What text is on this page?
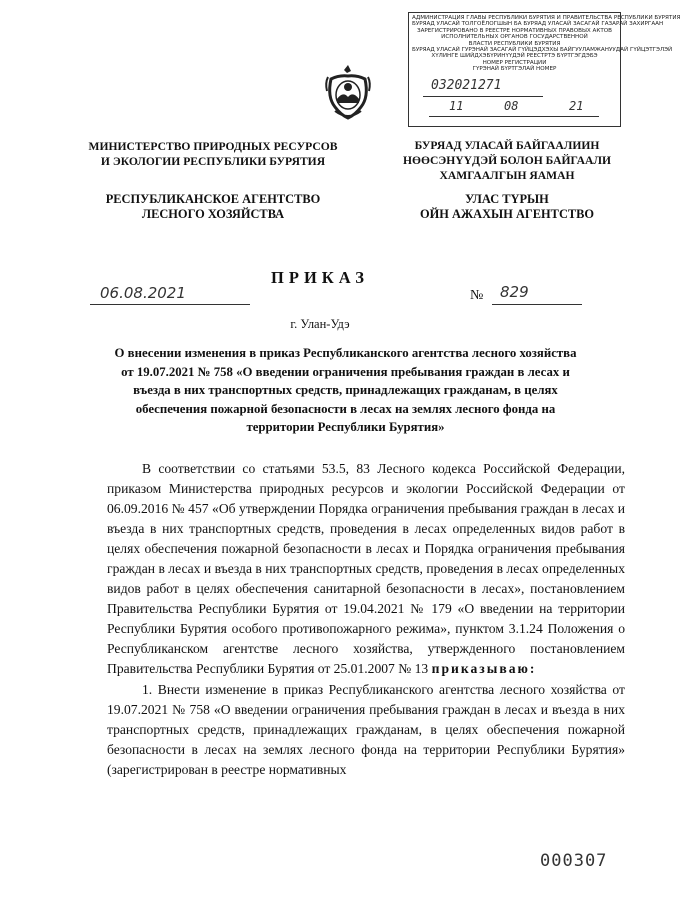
АДМИНИСТРАЦИЯ ГЛАВЫ РЕСПУБЛИКИ БУРЯТИЯ И ПРАВИТЕЛЬСТВА РЕСПУБЛИКИ БУРЯТИЯ
БУРЯАД УЛАСАЙ ТОЛГОЁЛОГШЫН БА БУРЯАД УЛАСАЙ ЗАСАГАЙ ГАЗАРАЙ ЗАХИРГААН
ЗАРЕГИСТРИРОВАНО В РЕЕСТРЕ НОРМАТИВНЫХ ПРАВОВЫХ АКТОВ
ИСПОЛНИТЕЛЬНЫХ ОРГАНОВ ГОСУДАРСТВЕННОЙ
ВЛАСТИ РЕСПУБЛИКИ БУРЯТИЯ
БУРЯАД УЛАСАЙ ГУРЭНАЙ ЗАСАГАЙ ГҮЙЦЭДХЭХЫ БАЙГУУЛАМЖАНУУДАЙ ГҮЙЦЭТГЭЛЭЙ
ХҮЛИНГЕ ШИЙДХЭБҮРИНҮҮДЭЙ РЕЕСТРТЭ БҮРТГЭГДЭБЭ
НОМЕР РЕГИСТРАЦИИ
ГҮРЭНАЙ БҮРТГЭЛАЙ НОМЕР
032021271
11	08	21
МИНИСТЕРСТВО ПРИРОДНЫХ РЕСУРСОВ
И ЭКОЛОГИИ РЕСПУБЛИКИ БУРЯТИЯ
РЕСПУБЛИКАНСКОЕ АГЕНТСТВО
ЛЕСНОГО ХОЗЯЙСТВА
БУРЯАД УЛАСАЙ БАЙГААЛИИН
НӨӨСЭНҮҮДЭЙ БОЛОН БАЙГААЛИ
ХАМГААЛГЫН ЯАМАН
УЛАС ТҮРЫН
ОЙН АЖАХЫН АГЕНТСТВО
ПРИКАЗ
06.08.2021	№ 829
г. Улан-Удэ
О внесении изменения в приказ Республиканского агентства лесного хозяйства от 19.07.2021 № 758 «О введении ограничения пребывания граждан в лесах и въезда в них транспортных средств, принадлежащих гражданам, в целях обеспечения пожарной безопасности в лесах на землях лесного фонда на территории Республики Бурятия»

В соответствии со статьями 53.5, 83 Лесного кодекса Российской Федерации, приказом Министерства природных ресурсов и экологии Российской Федерации от 06.09.2016 № 457 «Об утверждении Порядка ограничения пребывания граждан в лесах и въезда в них транспортных средств, проведения в лесах определенных видов работ в целях обеспечения пожарной безопасности в лесах и Порядка ограничения пребывания граждан в лесах и въезда в них транспортных средств, проведения в лесах определенных видов работ в целях обеспечения санитарной безопасности в лесах», постановлением Правительства Республики Бурятия от 19.04.2021 № 179 «О введении на территории Республики Бурятия особого противопожарного режима», пунктом 3.1.24 Положения о Республиканском агентстве лесного хозяйства, утвержденного постановлением Правительства Республики Бурятия от 25.01.2007 № 13 приказываю:

1. Внести изменение в приказ Республиканского агентства лесного хозяйства от 19.07.2021 № 758 «О введении ограничения пребывания граждан в лесах и въезда в них транспортных средств, принадлежащих гражданам, в целях обеспечения пожарной безопасности в лесах на землях лесного фонда на территории Республики Бурятия» (зарегистрирован в реестре нормативных

000307
